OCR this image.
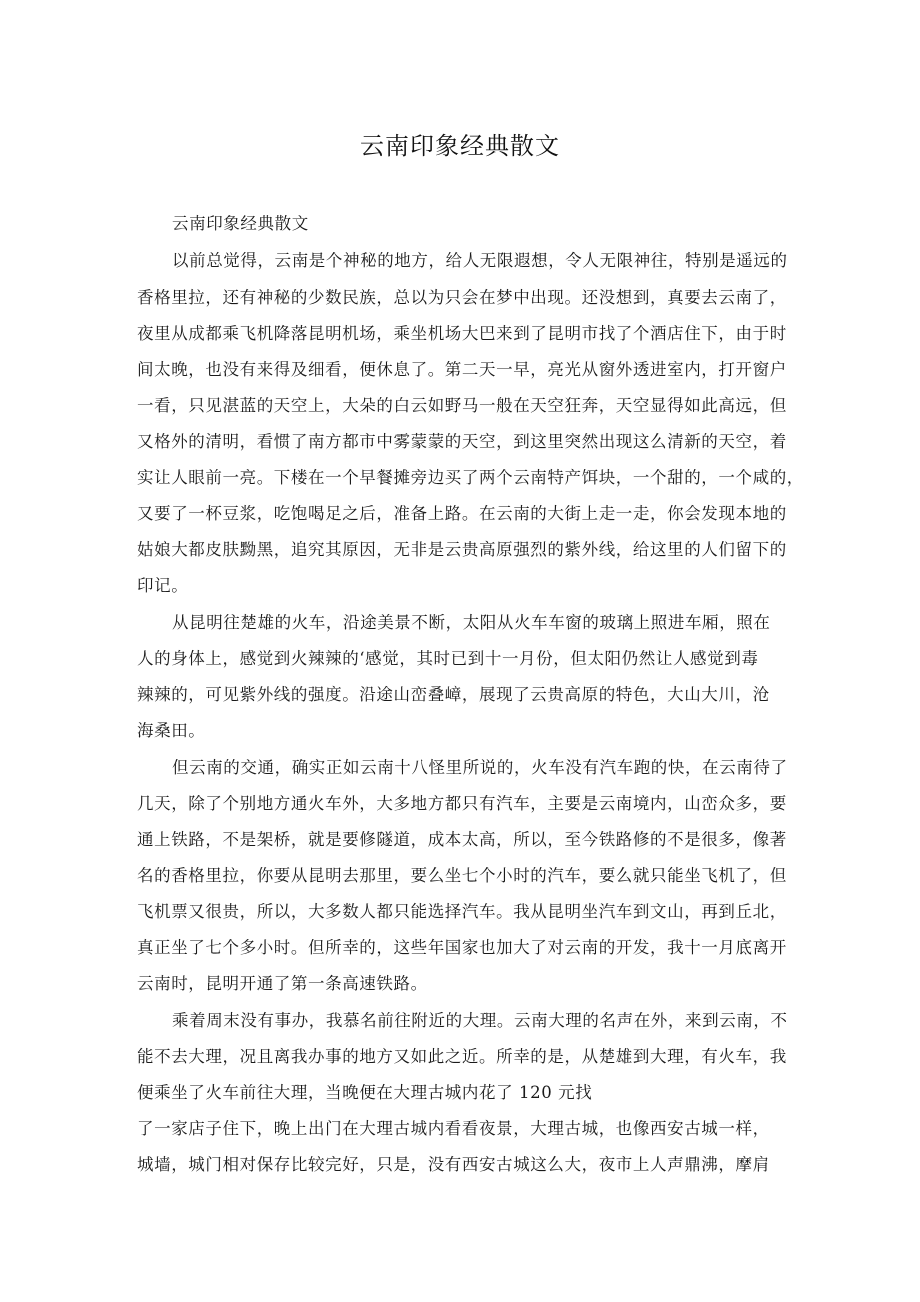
云南印象经典散文
云南印象经典散文
以前总觉得，云南是个神秘的地方，给人无限遐想，令人无限神往，特别是遥远的
香格里拉，还有神秘的少数民族，总以为只会在梦中出现。还没想到，真要去云南了，
夜里从成都乘飞机降落昆明机场，乘坐机场大巴来到了昆明市找了个酒店住下，由于时
间太晚，也没有来得及细看，便休息了。第二天一早，亮光从窗外透进室内，打开窗户
一看，只见湛蓝的天空上，大朵的白云如野马一般在天空狂奔，天空显得如此高远，但
又格外的清明，看惯了南方都市中雾蒙蒙的天空，到这里突然出现这么清新的天空，着
实让人眼前一亮。下楼在一个早餐摊旁边买了两个云南特产饵块，一个甜的，一个咸的，
又要了一杯豆浆，吃饱喝足之后，准备上路。在云南的大街上走一走，你会发现本地的
姑娘大都皮肤黝黑，追究其原因，无非是云贵高原强烈的紫外线，给这里的人们留下的
印记。
从昆明往楚雄的火车，沿途美景不断，太阳从火车车窗的玻璃上照进车厢，照在
人的身体上，感觉到火辣辣的‘感觉，其时已到十一月份，但太阳仍然让人感觉到毒
辣辣的，可见紫外线的强度。沿途山峦叠嶂，展现了云贵高原的特色，大山大川，沧
海桑田。
但云南的交通，确实正如云南十八怪里所说的，火车没有汽车跑的快，在云南待了
几天，除了个别地方通火车外，大多地方都只有汽车，主要是云南境内，山峦众多，要
通上铁路，不是架桥，就是要修隧道，成本太高，所以，至今铁路修的不是很多，像著
名的香格里拉，你要从昆明去那里，要么坐七个小时的汽车，要么就只能坐飞机了，但
飞机票又很贵，所以，大多数人都只能选择汽车。我从昆明坐汽车到文山，再到丘北，
真正坐了七个多小时。但所幸的，这些年国家也加大了对云南的开发，我十一月底离开
云南时，昆明开通了第一条高速铁路。
乘着周末没有事办，我慕名前往附近的大理。云南大理的名声在外，来到云南，不
能不去大理，况且离我办事的地方又如此之近。所幸的是，从楚雄到大理，有火车，我
便乘坐了火车前往大理，当晚便在大理古城内花了 120 元找
了一家店子住下，晚上出门在大理古城内看看夜景，大理古城，也像西安古城一样，
城墙，城门相对保存比较完好，只是，没有西安古城这么大，夜市上人声鼎沸，摩肩
